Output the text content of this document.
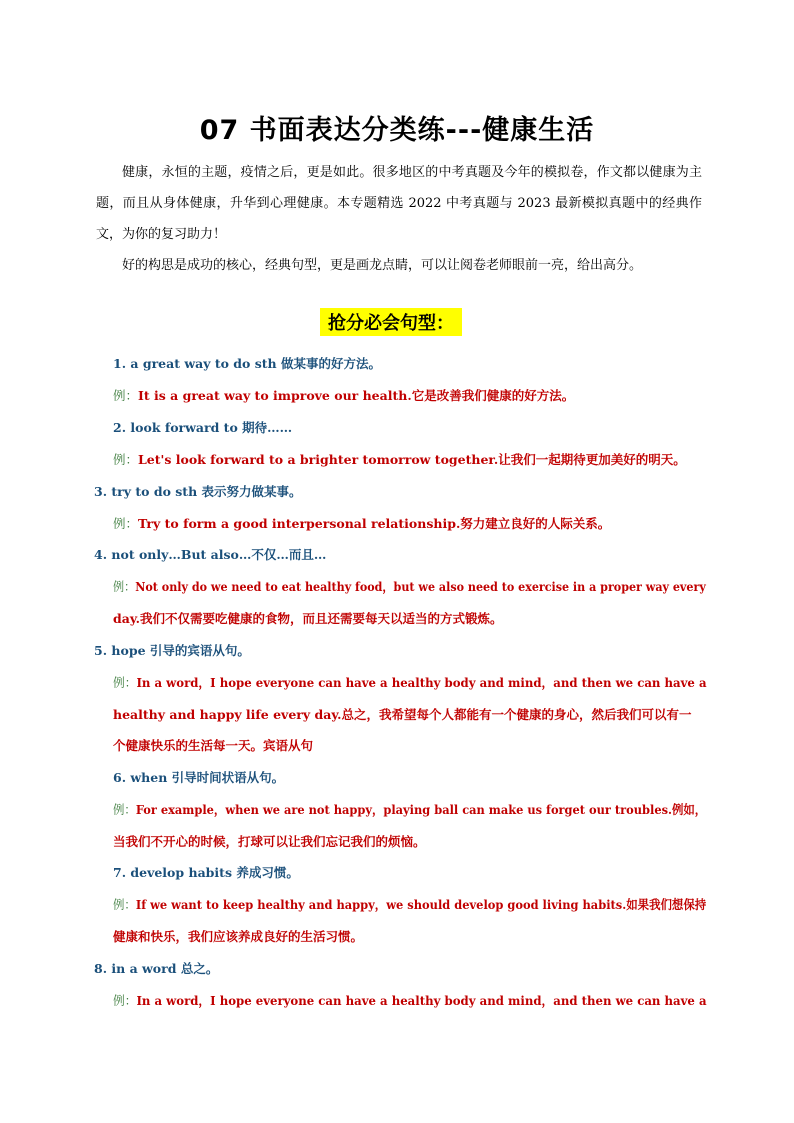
07 书面表达分类练---健康生活

健康，永恒的主题，疫情之后，更是如此。很多地区的中考真题及今年的模拟卷，作文都以健康为主题，而且从身体健康，升华到心理健康。本专题精选 2022 中考真题与 2023 最新模拟真题中的经典作文，为你的复习助力！

好的构思是成功的核心，经典句型，更是画龙点睛，可以让阅卷老师眼前一亮，给出高分。

抢分必会句型：
1. a great way to do sth 做某事的好方法。
例：It is a great way to improve our health.它是改善我们健康的好方法。
2. look forward to 期待……
例：Let's look forward to a brighter tomorrow together.让我们一起期待更加美好的明天。
3. try to do sth 表示努力做某事。
例：Try to form a good interpersonal relationship.努力建立良好的人际关系。
4. not only…But also…不仅…而且…
例：Not only do we need to eat healthy food，but we also need to exercise in a proper way every
day.我们不仅需要吃健康的食物，而且还需要每天以适当的方式锻炼。
5. hope 引导的宾语从句。
例：In a word，I hope everyone can have a healthy body and mind，and then we can have a
healthy and happy life every day.总之，我希望每个人都能有一个健康的身心，然后我们可以有一
个健康快乐的生活每一天。宾语从句
6. when 引导时间状语从句。
例：For example，when we are not happy，playing ball can make us forget our troubles.例如，
当我们不开心的时候，打球可以让我们忘记我们的烦恼。
7. develop habits 养成习惯。
例：If we want to keep healthy and happy，we should develop good living habits.如果我们想保持
健康和快乐，我们应该养成良好的生活习惯。
8. in a word 总之。
例：In a word，I hope everyone can have a healthy body and mind，and then we can have a
